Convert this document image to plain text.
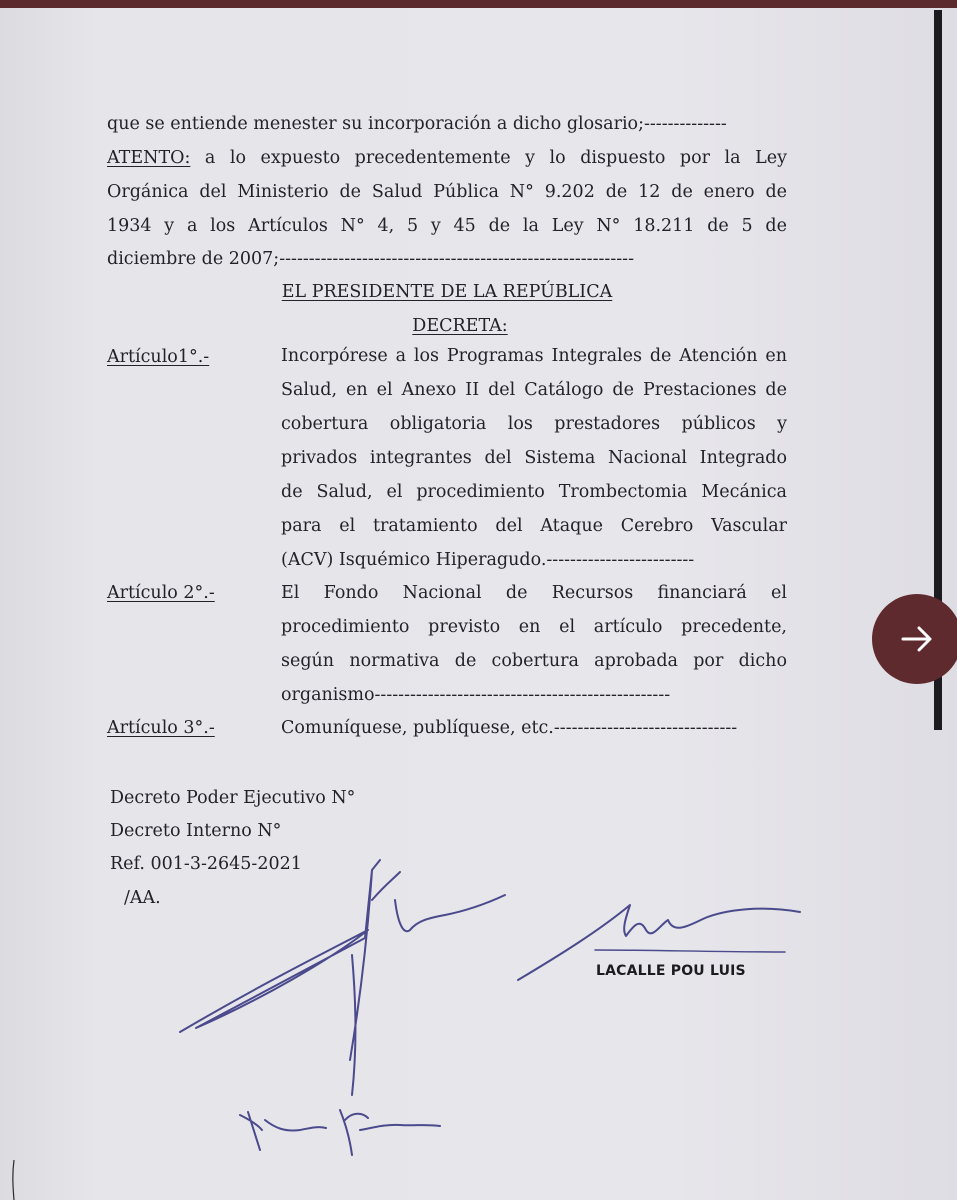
que se entiende menester su incorporación a dicho glosario;--------------
ATENTO: a lo expuesto precedentemente y lo dispuesto por la Ley
Orgánica del Ministerio de Salud Pública N° 9.202 de 12 de enero de
1934 y a los Artículos N° 4, 5 y 45 de la Ley N° 18.211 de 5 de
diciembre de 2007;------------------------------------------------------------
EL PRESIDENTE DE LA REPÚBLICA
DECRETA:
Artículo1°.-	Incorpórese a los Programas Integrales de Atención en
Salud, en el Anexo II del Catálogo de Prestaciones de
cobertura obligatoria los prestadores públicos y
privados integrantes del Sistema Nacional Integrado
de Salud, el procedimiento Trombectomia Mecánica
para el tratamiento del Ataque Cerebro Vascular
(ACV) Isquémico Hiperagudo.-------------------------
Artículo 2°.-	El Fondo Nacional de Recursos financiará el
procedimiento previsto en el artículo precedente,
según normativa de cobertura aprobada por dicho
organismo--------------------------------------------------
Artículo 3°.-	Comuníquese, publíquese, etc.-------------------------------
Decreto Poder Ejecutivo N°
Decreto Interno N°
Ref. 001-3-2645-2021
/AA.
LACALLE POU LUIS
